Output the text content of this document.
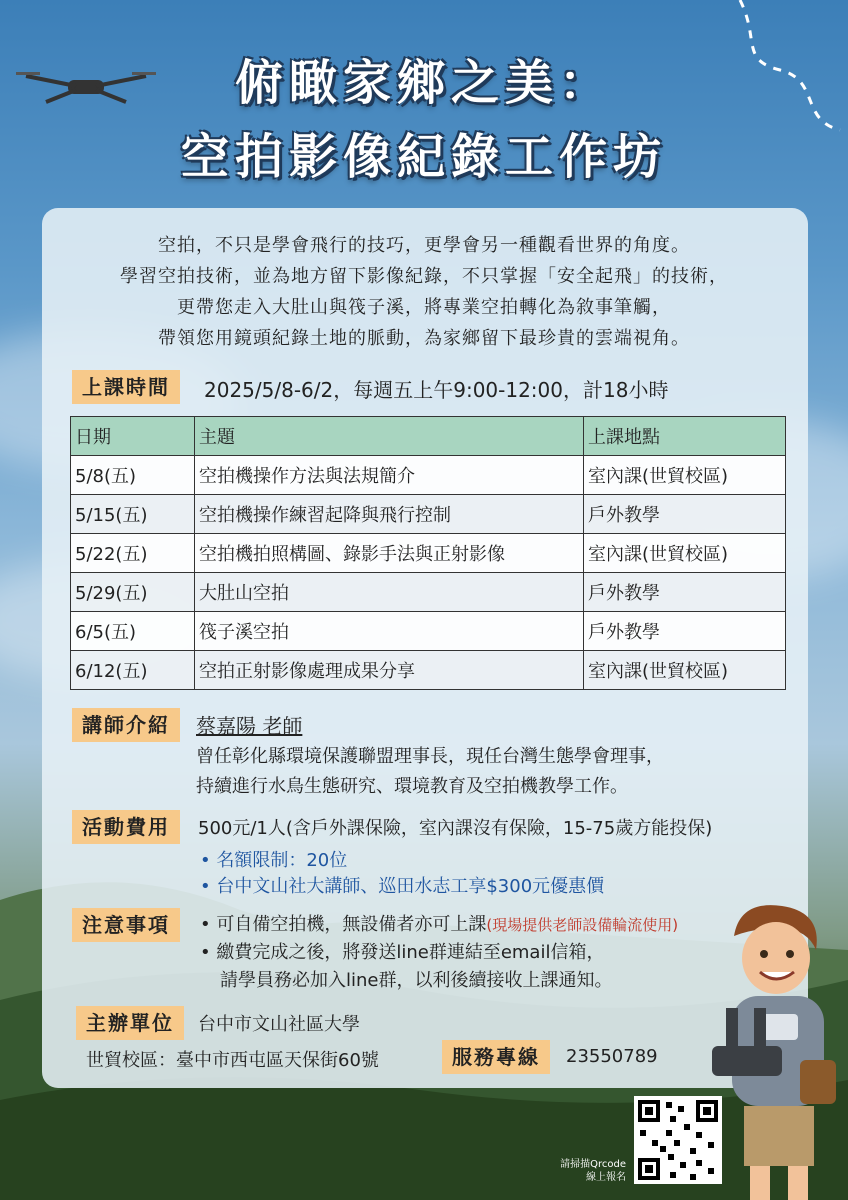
俯瞰家鄉之美：
空拍影像紀錄工作坊
空拍，不只是學會飛行的技巧，更學會另一種觀看世界的角度。
學習空拍技術，並為地方留下影像紀錄，不只掌握「安全起飛」的技術，
更帶您走入大肚山與筏子溪，將專業空拍轉化為敘事筆觸，
帶領您用鏡頭紀錄土地的脈動，為家鄉留下最珍貴的雲端視角。
上課時間	2025/5/8-6/2，每週五上午9:00-12:00，計18小時
日期	主題	上課地點
5/8(五)	空拍機操作方法與法規簡介	室內課(世貿校區)
5/15(五)	空拍機操作練習起降與飛行控制	戶外教學
5/22(五)	空拍機拍照構圖、錄影手法與正射影像	室內課(世貿校區)
5/29(五)	大肚山空拍	戶外教學
6/5(五)	筏子溪空拍	戶外教學
6/12(五)	空拍正射影像處理成果分享	室內課(世貿校區)
講師介紹	蔡嘉陽 老師
曾任彰化縣環境保護聯盟理事長，現任台灣生態學會理事，
持續進行水鳥生態研究、環境教育及空拍機教學工作。
活動費用	500元/1人(含戶外課保險，室內課沒有保險，15-75歲方能投保)
• 名額限制：20位
• 台中文山社大講師、巡田水志工享$300元優惠價
注意事項	• 可自備空拍機，無設備者亦可上課(現場提供老師設備輪流使用)
• 繳費完成之後，將發送line群連結至email信箱，
請學員務必加入line群，以利後續接收上課通知。
主辦單位	台中市文山社區大學
世貿校區：臺中市西屯區天保街60號	服務專線	23550789
請掃描Qrcode
線上報名
